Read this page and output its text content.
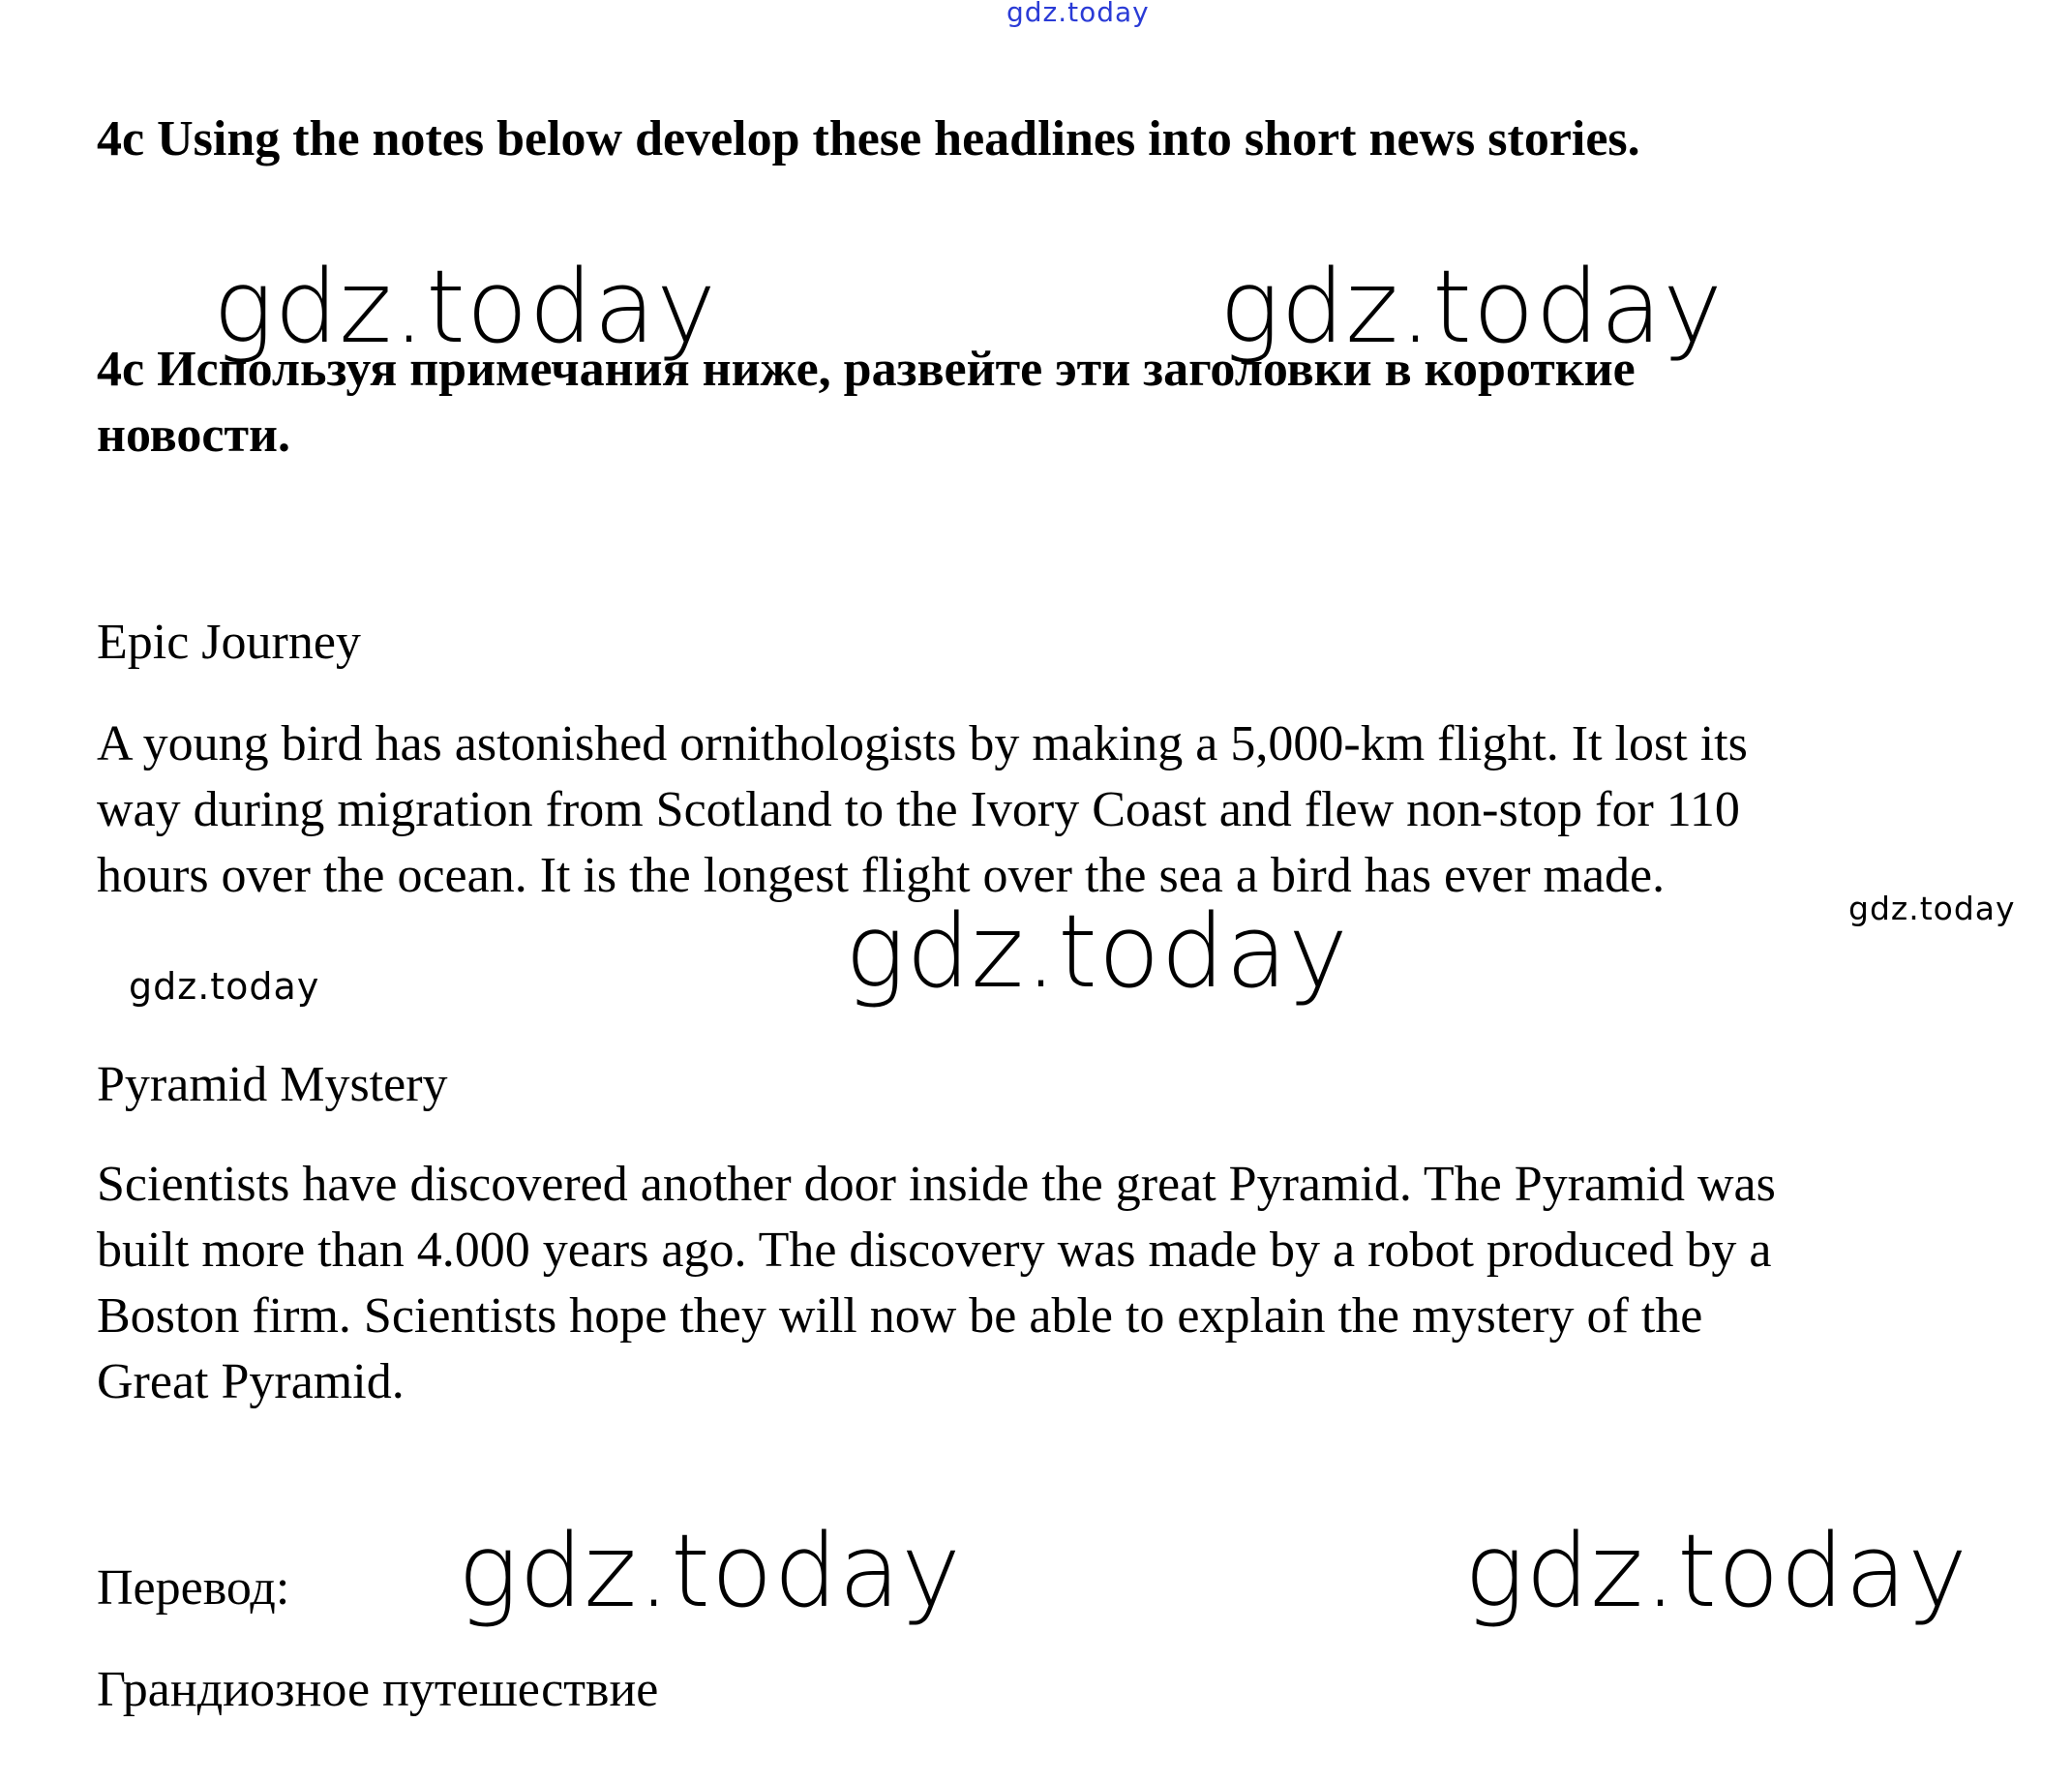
gdz.today
gdz.today	gdz.today
gdz.today
gdz.today
gdz.today
gdz.today	gdz.today
4c Using the notes below develop these headlines into short news stories.
4c Используя примечания ниже, развейте эти заголовки в короткие
новости.
Epic Journey
A young bird has astonished ornithologists by making a 5,000-km flight. It lost its
way during migration from Scotland to the Ivory Coast and flew non-stop for 110
hours over the ocean. It is the longest flight over the sea a bird has ever made.
Pyramid Mystery
Scientists have discovered another door inside the great Pyramid. The Pyramid was
built more than 4.000 years ago. The discovery was made by a robot produced by a
Boston firm. Scientists hope they will now be able to explain the mystery of the
Great Pyramid.
Перевод:
Грандиозное путешествие
